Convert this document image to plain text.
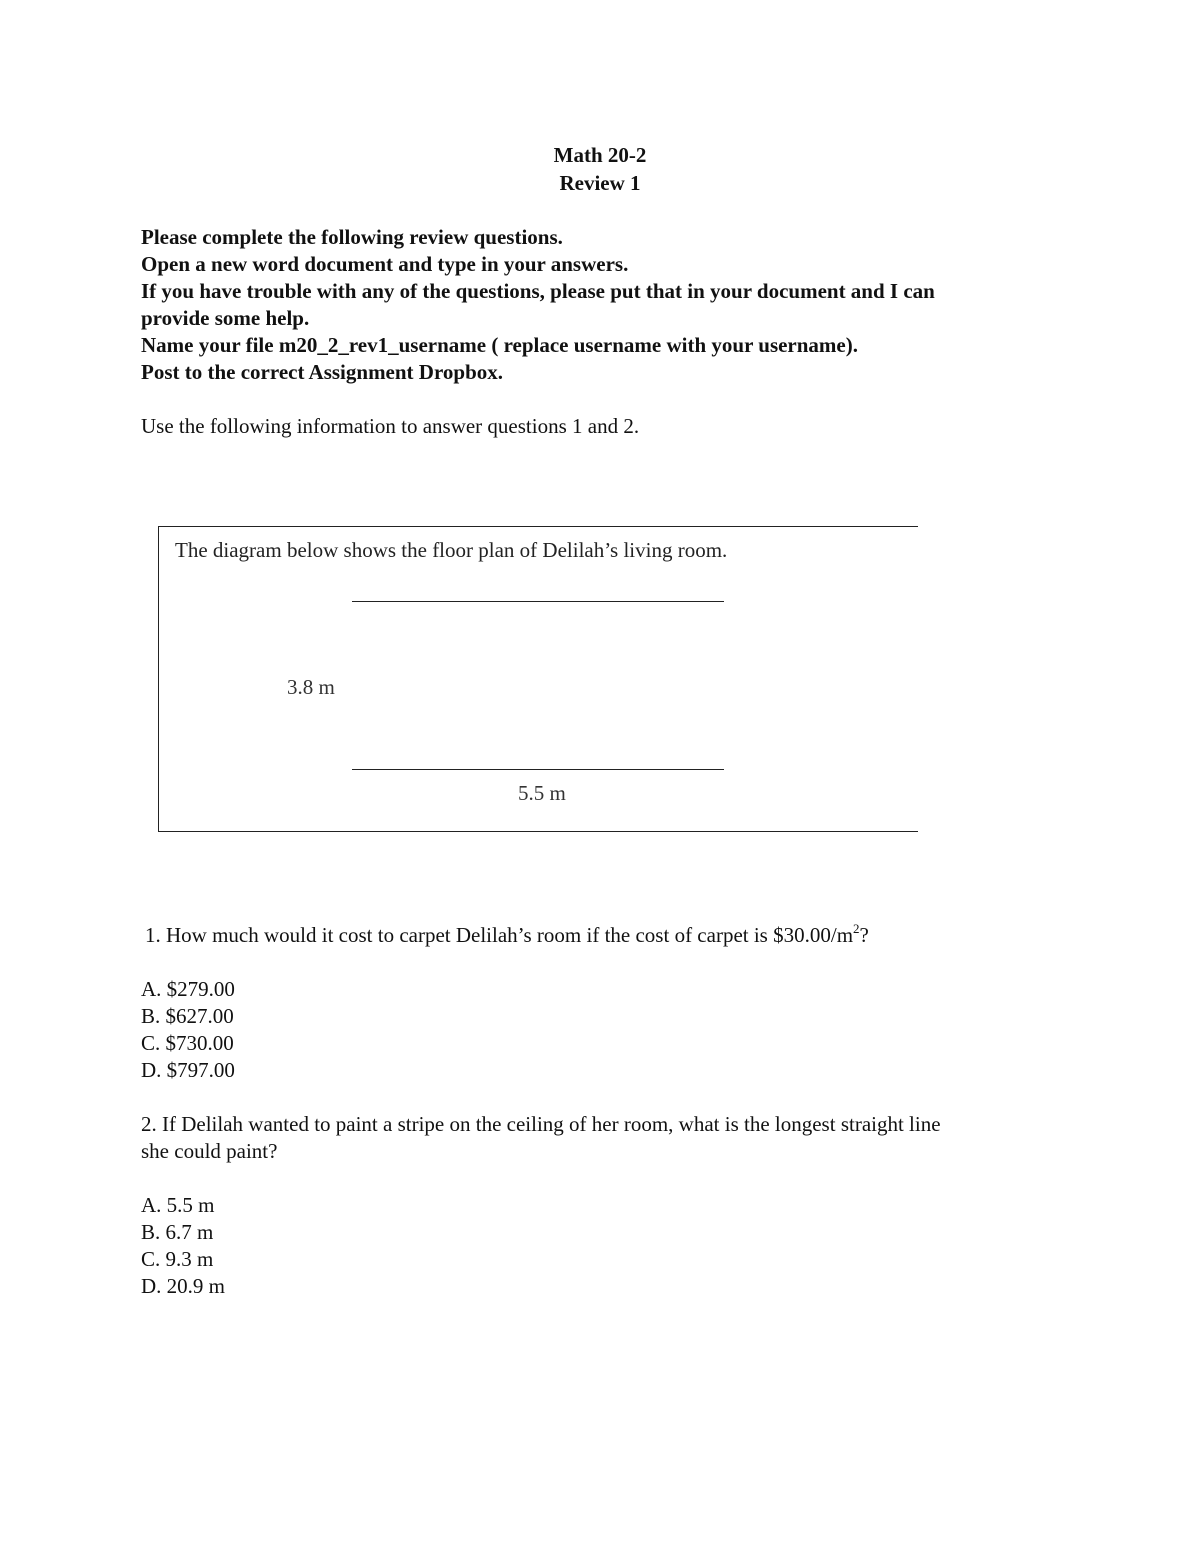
Math 20-2
Review 1
Please complete the following review questions.
Open a new word document and type in your answers.
If you have trouble with any of the questions, please put that in your document and I can
provide some help.
Name your file m20_2_rev1_username ( replace username with your username).
Post to the correct Assignment Dropbox.
Use the following information to answer questions 1 and 2.
The diagram below shows the floor plan of Delilah’s living room.
3.8 m
5.5 m
1. How much would it cost to carpet Delilah’s room if the cost of carpet is $\$30.00/m^2$?
A. $279.00
B. $627.00
C. $730.00
D. $797.00
2. If Delilah wanted to paint a stripe on the ceiling of her room, what is the longest straight line
she could paint?
A. 5.5 m
B. 6.7 m
C. 9.3 m
D. 20.9 m
